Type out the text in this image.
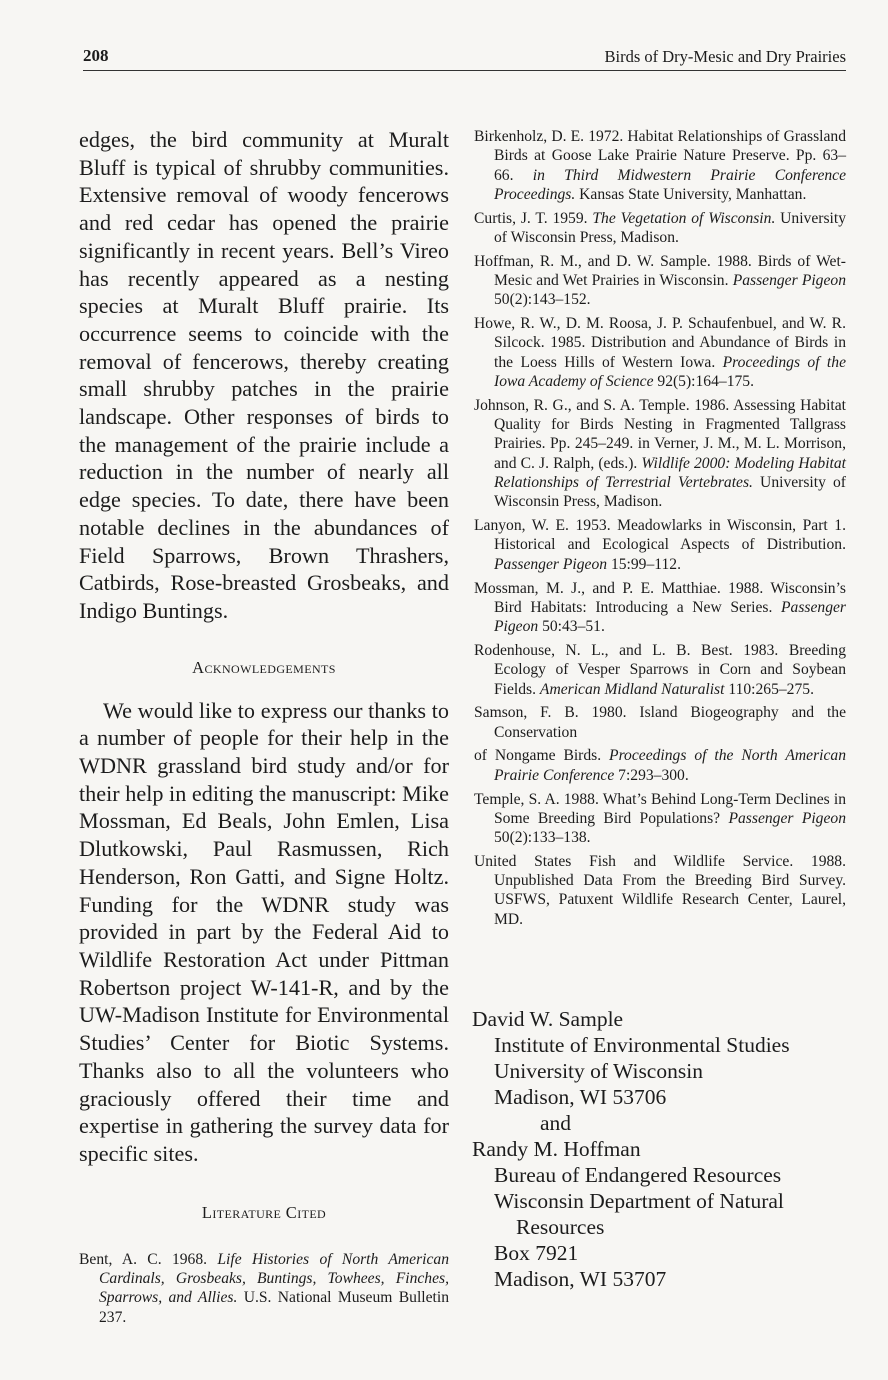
208	Birds of Dry-Mesic and Dry Prairies

edges, the bird community at Muralt Bluff is typical of shrubby communities. Extensive removal of woody fencerows and red cedar has opened the prairie significantly in recent years. Bell’s Vireo has recently appeared as a nesting species at Muralt Bluff prairie. Its occurrence seems to coincide with the removal of fencerows, thereby creating small shrubby patches in the prairie landscape. Other responses of birds to the management of the prairie include a reduction in the number of nearly all edge species. To date, there have been notable declines in the abundances of Field Sparrows, Brown Thrashers, Catbirds, Rose-breasted Grosbeaks, and Indigo Buntings.

Acknowledgements

We would like to express our thanks to a number of people for their help in the WDNR grassland bird study and/or for their help in editing the manuscript: Mike Mossman, Ed Beals, John Emlen, Lisa Dlutkowski, Paul Rasmussen, Rich Henderson, Ron Gatti, and Signe Holtz. Funding for the WDNR study was provided in part by the Federal Aid to Wildlife Restoration Act under Pittman Robertson project W-141-R, and by the UW-Madison Institute for Environmental Studies’ Center for Biotic Systems. Thanks also to all the volunteers who graciously offered their time and expertise in gathering the survey data for specific sites.

Literature Cited

Bent, A. C. 1968. Life Histories of North American Cardinals, Grosbeaks, Buntings, Towhees, Finches, Sparrows, and Allies. U.S. National Museum Bulletin 237.

Birkenholz, D. E. 1972. Habitat Relationships of Grassland Birds at Goose Lake Prairie Nature Preserve. Pp. 63–66. in Third Midwestern Prairie Conference Proceedings. Kansas State University, Manhattan.

Curtis, J. T. 1959. The Vegetation of Wisconsin. University of Wisconsin Press, Madison.

Hoffman, R. M., and D. W. Sample. 1988. Birds of Wet-Mesic and Wet Prairies in Wisconsin. Passenger Pigeon 50(2):143–152.

Howe, R. W., D. M. Roosa, J. P. Schaufenbuel, and W. R. Silcock. 1985. Distribution and Abundance of Birds in the Loess Hills of Western Iowa. Proceedings of the Iowa Academy of Science 92(5):164–175.

Johnson, R. G., and S. A. Temple. 1986. Assessing Habitat Quality for Birds Nesting in Fragmented Tallgrass Prairies. Pp. 245–249. in Verner, J. M., M. L. Morrison, and C. J. Ralph, (eds.). Wildlife 2000: Modeling Habitat Relationships of Terrestrial Vertebrates. University of Wisconsin Press, Madison.

Lanyon, W. E. 1953. Meadowlarks in Wisconsin, Part 1. Historical and Ecological Aspects of Distribution. Passenger Pigeon 15:99–112.

Mossman, M. J., and P. E. Matthiae. 1988. Wisconsin’s Bird Habitats: Introducing a New Series. Passenger Pigeon 50:43–51.

Rodenhouse, N. L., and L. B. Best. 1983. Breeding Ecology of Vesper Sparrows in Corn and Soybean Fields. American Midland Naturalist 110:265–275.

Samson, F. B. 1980. Island Biogeography and the Conservation

of Nongame Birds. Proceedings of the North American Prairie Conference 7:293–300.

Temple, S. A. 1988. What’s Behind Long-Term Declines in Some Breeding Bird Populations? Passenger Pigeon 50(2):133–138.

United States Fish and Wildlife Service. 1988. Unpublished Data From the Breeding Bird Survey. USFWS, Patuxent Wildlife Research Center, Laurel, MD.

David W. Sample
Institute of Environmental Studies
University of Wisconsin
Madison, WI 53706
and
Randy M. Hoffman
Bureau of Endangered Resources
Wisconsin Department of Natural
Resources
Box 7921
Madison, WI 53707
